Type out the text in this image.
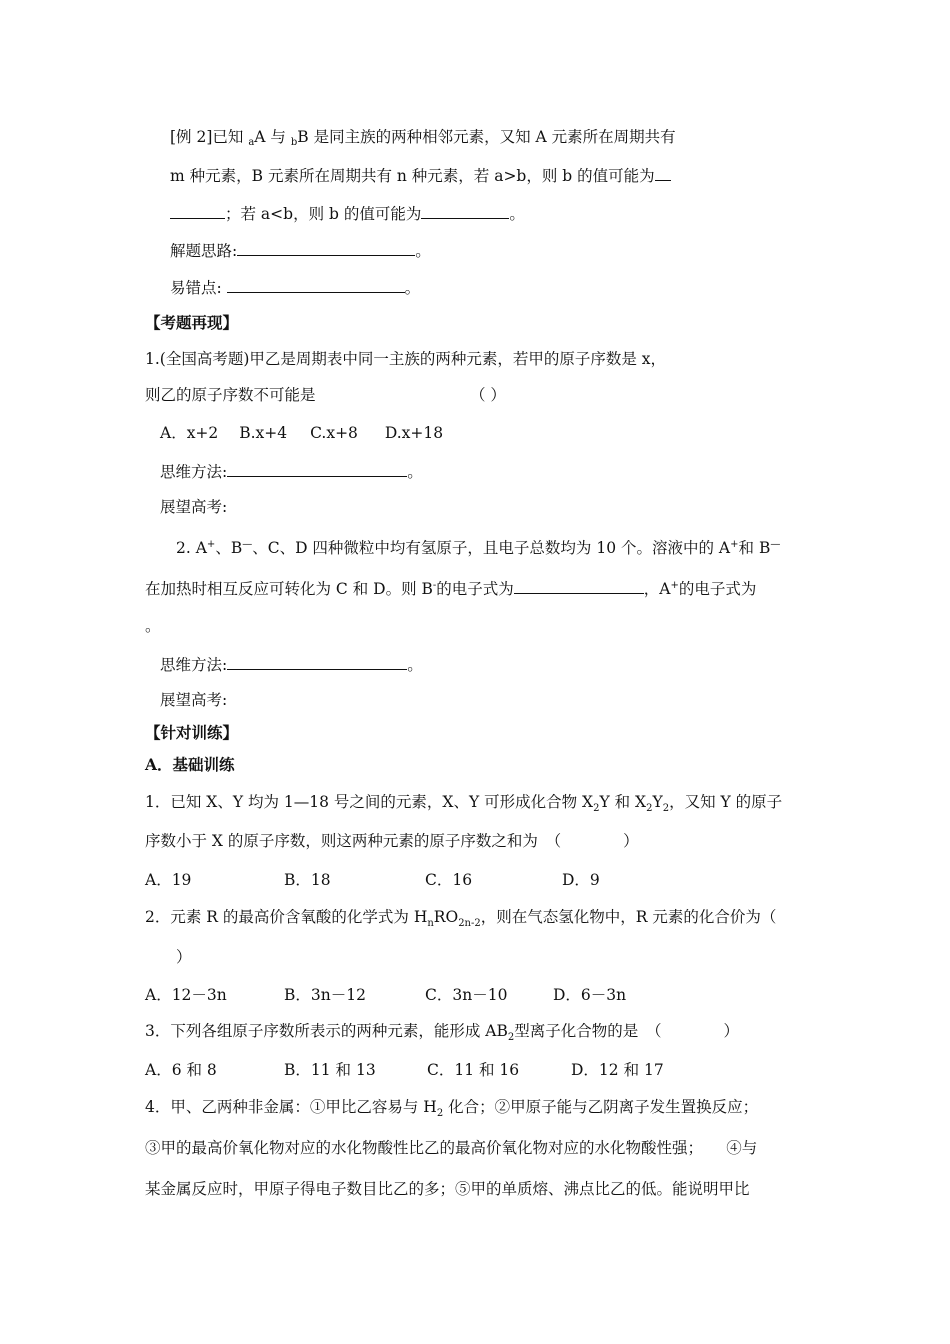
[例 2]已知 $_a$A 与 $_b$B 是同主族的两种相邻元素，又知 A 元素所在周期共有
m 种元素，B 元素所在周期共有 n 种元素，若 a>b，则 b 的值可能为
；若 a<b，则 b 的值可能为	。
解题思路:	。
易错点:	。
【考题再现】
1.(全国高考题)甲乙是周期表中同一主族的两种元素，若甲的原子序数是 x，
则乙的原子序数不可能是	（ ）
A．x+2 B.x+4 C.x+8 D.x+18
思维方法:	。
展望高考:
2. A+、B—、C、D 四种微粒中均有氢原子，且电子总数均为 10 个。溶液中的 A+和 B—
在加热时相互反应可转化为 C 和 D。则 B-的电子式为	，A+的电子式为
。
思维方法:	。
展望高考:
【针对训练】
A．基础训练
1．已知 X、Y 均为 1—18 号之间的元素，X、Y 可形成化合物 $X_2Y$ 和 $X_2Y_2$，又知 Y 的原子
序数小于 X 的原子序数，则这两种元素的原子序数之和为　（　　　　）
A．19	B．18	C．16	D．9
2．元素 R 的最高价含氧酸的化学式为 $H_nRO_{2n-2}$，则在气态氢化物中，R 元素的化合价为（
）
A．12－3n	B．3n－12	C．3n－10	D．6－3n
3．下列各组原子序数所表示的两种元素，能形成 $AB_2$型离子化合物的是　（　　　　）
A．6 和 8	B．11 和 13	C．11 和 16	D．12 和 17
4．甲、乙两种非金属：①甲比乙容易与 $H_2$ 化合；②甲原子能与乙阴离子发生置换反应；
③甲的最高价氧化物对应的水化物酸性比乙的最高价氧化物对应的水化物酸性强；　　④与
某金属反应时，甲原子得电子数目比乙的多；⑤甲的单质熔、沸点比乙的低。能说明甲比
